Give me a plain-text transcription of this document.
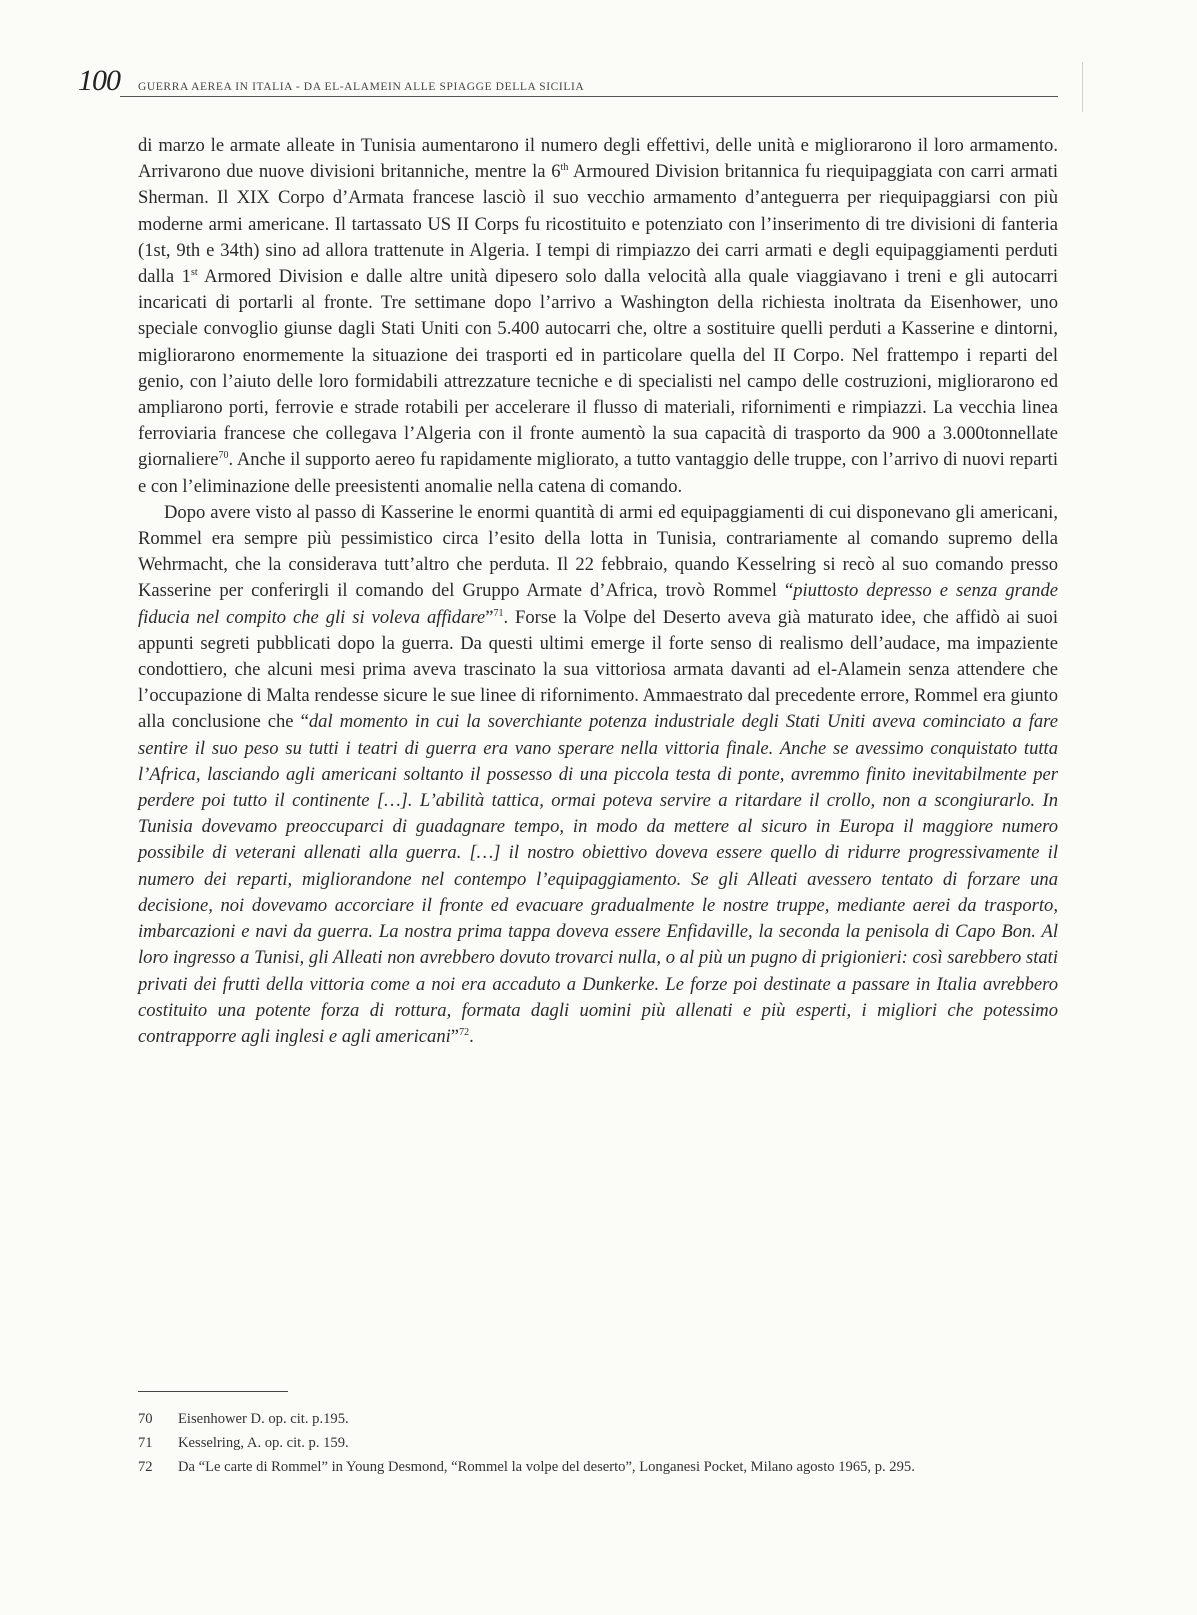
100	GUERRA AEREA IN ITALIA - DA EL-ALAMEIN ALLE SPIAGGE DELLA SICILIA

di marzo le armate alleate in Tunisia aumentarono il numero degli effettivi, delle unità e migliorarono il loro armamento. Arrivarono due nuove divisioni britanniche, mentre la 6th Armoured Division britannica fu riequipaggiata con carri armati Sherman. Il XIX Corpo d’Armata francese lasciò il suo vecchio armamento d’anteguerra per riequipaggiarsi con più moderne armi americane. Il tartassato US II Corps fu ricostituito e potenziato con l’inserimento di tre divisioni di fanteria (1st, 9th e 34th) sino ad allora trattenute in Algeria. I tempi di rimpiazzo dei carri armati e degli equipaggiamenti perduti dalla 1st Armored Division e dalle altre unità dipesero solo dalla velocità alla quale viaggiavano i treni e gli autocarri incaricati di portarli al fronte. Tre settimane dopo l’arrivo a Washington della richiesta inoltrata da Eisenhower, uno speciale convoglio giunse dagli Stati Uniti con 5.400 autocarri che, oltre a sostituire quelli perduti a Kasserine e dintorni, migliorarono enormemente la situazione dei trasporti ed in particolare quella del II Corpo. Nel frattempo i reparti del genio, con l’aiuto delle loro formidabili attrezzature tecniche e di specialisti nel campo delle costruzioni, migliorarono ed ampliarono porti, ferrovie e strade rotabili per accelerare il flusso di materiali, rifornimenti e rimpiazzi. La vecchia linea ferroviaria francese che collegava l’Algeria con il fronte aumentò la sua capacità di trasporto da 900 a 3.000tonnellate giornaliere$^{70}$. Anche il supporto aereo fu rapidamente migliorato, a tutto vantaggio delle truppe, con l’arrivo di nuovi reparti e con l’eliminazione delle preesistenti anomalie nella catena di comando.

Dopo avere visto al passo di Kasserine le enormi quantità di armi ed equipaggiamenti di cui disponevano gli americani, Rommel era sempre più pessimistico circa l’esito della lotta in Tunisia, contrariamente al comando supremo della Wehrmacht, che la considerava tutt’altro che perduta. Il 22 febbraio, quando Kesselring si recò al suo comando presso Kasserine per conferirgli il comando del Gruppo Armate d’Africa, trovò Rommel “piuttosto depresso e senza grande fiducia nel compito che gli si voleva affidare”$^{71}$. Forse la Volpe del Deserto aveva già maturato idee, che affidò ai suoi appunti segreti pubblicati dopo la guerra. Da questi ultimi emerge il forte senso di realismo dell’audace, ma impaziente condottiero, che alcuni mesi prima aveva trascinato la sua vittoriosa armata davanti ad el-Alamein senza attendere che l’occupazione di Malta rendesse sicure le sue linee di rifornimento. Ammaestrato dal precedente errore, Rommel era giunto alla conclusione che “dal momento in cui la soverchiante potenza industriale degli Stati Uniti aveva cominciato a fare sentire il suo peso su tutti i teatri di guerra era vano sperare nella vittoria finale. Anche se avessimo conquistato tutta l’Africa, lasciando agli americani soltanto il possesso di una piccola testa di ponte, avremmo finito inevitabilmente per perdere poi tutto il continente […]. L’abilità tattica, ormai poteva servire a ritardare il crollo, non a scongiurarlo. In Tunisia dovevamo preoccuparci di guadagnare tempo, in modo da mettere al sicuro in Europa il maggiore numero possibile di veterani allenati alla guerra. […] il nostro obiettivo doveva essere quello di ridurre progressivamente il numero dei reparti, migliorandone nel contempo l’equipaggiamento. Se gli Alleati avessero tentato di forzare una decisione, noi dovevamo accorciare il fronte ed evacuare gradualmente le nostre truppe, mediante aerei da trasporto, imbarcazioni e navi da guerra. La nostra prima tappa doveva essere Enfidaville, la seconda la penisola di Capo Bon. Al loro ingresso a Tunisi, gli Alleati non avrebbero dovuto trovarci nulla, o al più un pugno di prigionieri: così sarebbero stati privati dei frutti della vittoria come a noi era accaduto a Dunkerke. Le forze poi destinate a passare in Italia avrebbero costituito una potente forza di rottura, formata dagli uomini più allenati e più esperti, i migliori che potessimo contrapporre agli inglesi e agli americani”$^{72}$.

70	Eisenhower D. op. cit. p.195.
71	Kesselring, A. op. cit. p. 159.
72	Da “Le carte di Rommel” in Young Desmond, “Rommel la volpe del deserto”, Longanesi Pocket, Milano agosto 1965, p. 295.
